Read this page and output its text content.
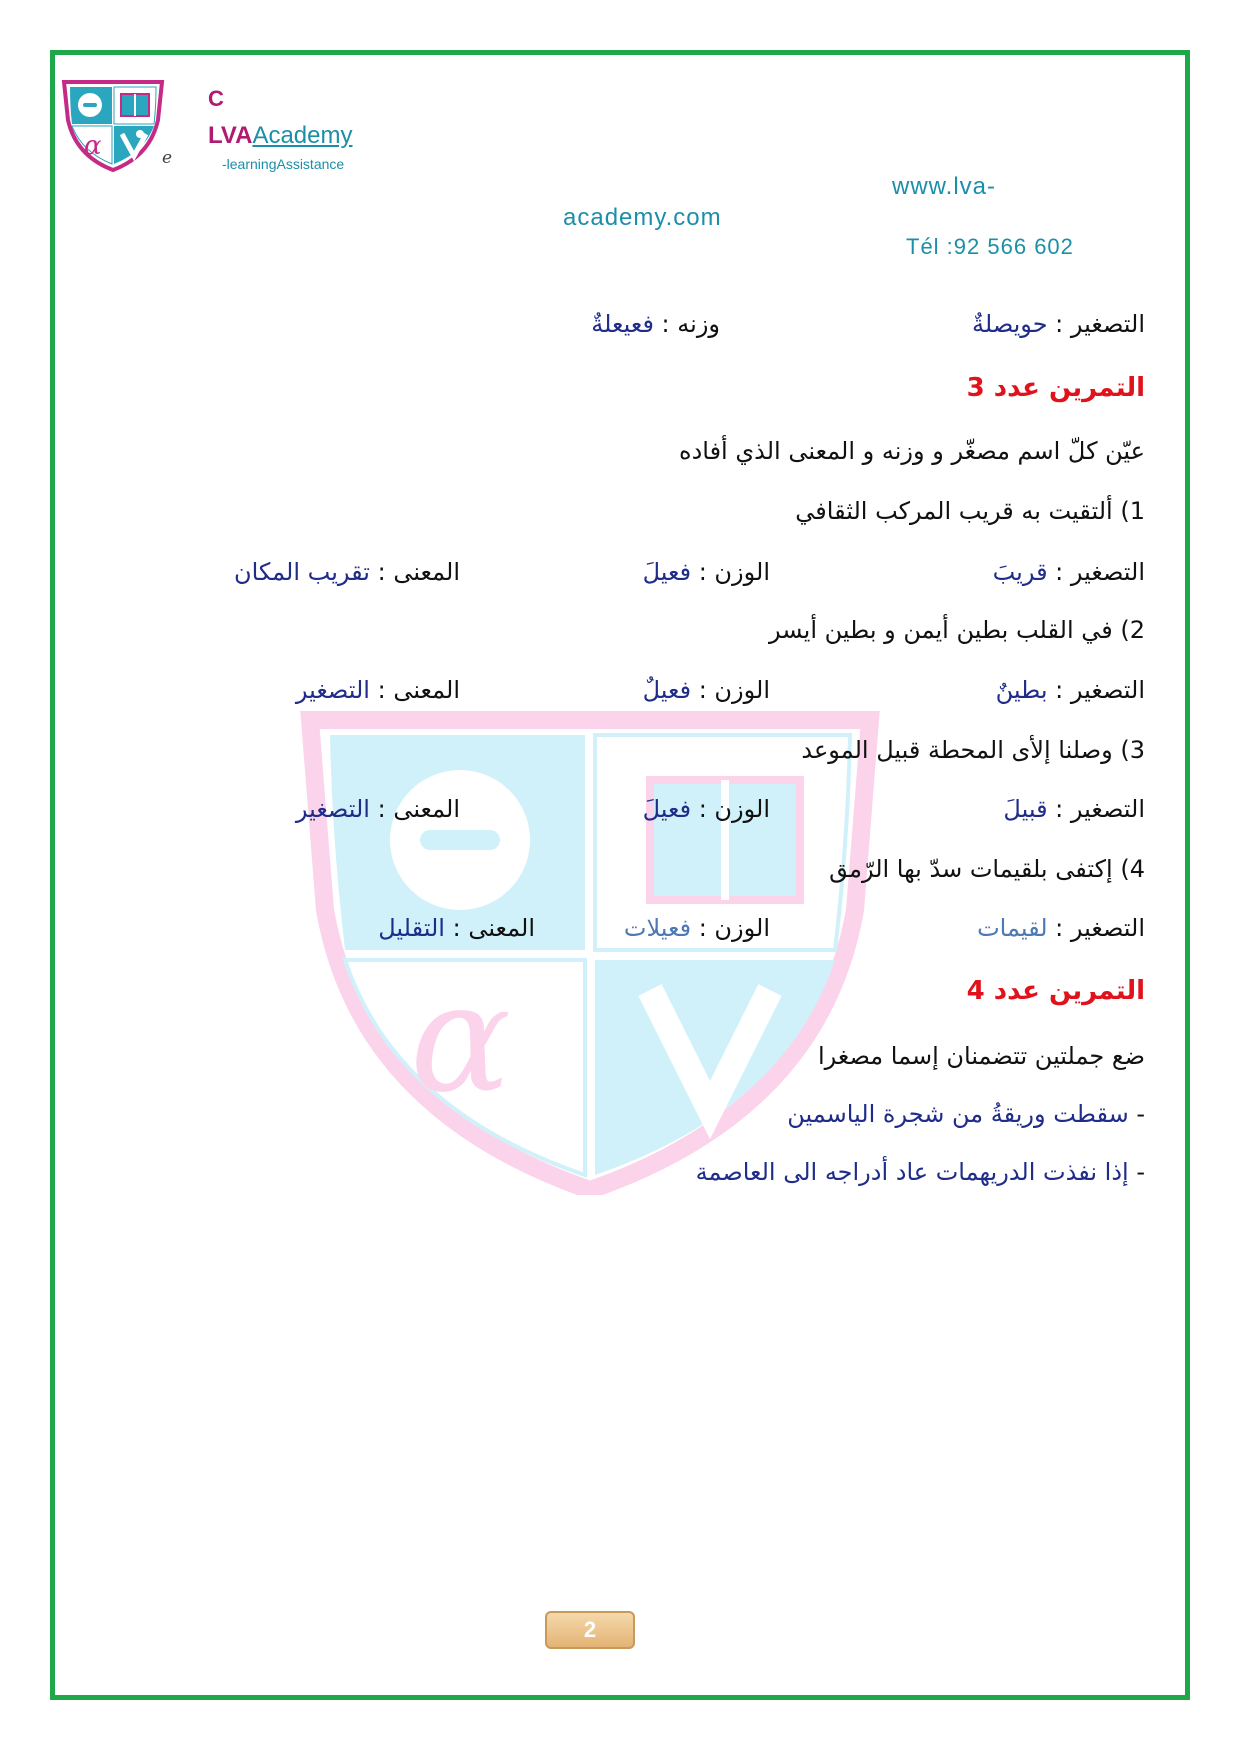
α	e
C
LVAAcademy
-learningAssistance
www.lva-
academy.com
Tél :92 566 602
α
التصغير : حويصلةٌ
وزنه : فعيعلةٌ
التمرين عدد 3
عيّن كلّ اسم مصغّر و وزنه و المعنى الذي أفاده
1) ألتقيت به قريب المركب الثقافي
التصغير : قريبَ
الوزن : فعيلَ
المعنى : تقريب المكان
2) في القلب بطين أيمن و بطين أيسر
التصغير : بطينٌ
الوزن : فعيلٌ
المعنى : التصغير
3) وصلنا إلأى المحطة قبيل الموعد
التصغير : قبيلَ
الوزن : فعيلَ
المعنى : التصغير
4) إكتفى بلقيمات سدّ بها الرّمق
التصغير : لقيمات
الوزن : فعيلات
المعنى : التقليل
التمرين عدد 4
ضع جملتين تتضمنان إسما مصغرا
- سقطت وريقةُ من شجرة الياسمين
- إذا نفذت الدريهمات عاد أدراجه الى العاصمة
2
